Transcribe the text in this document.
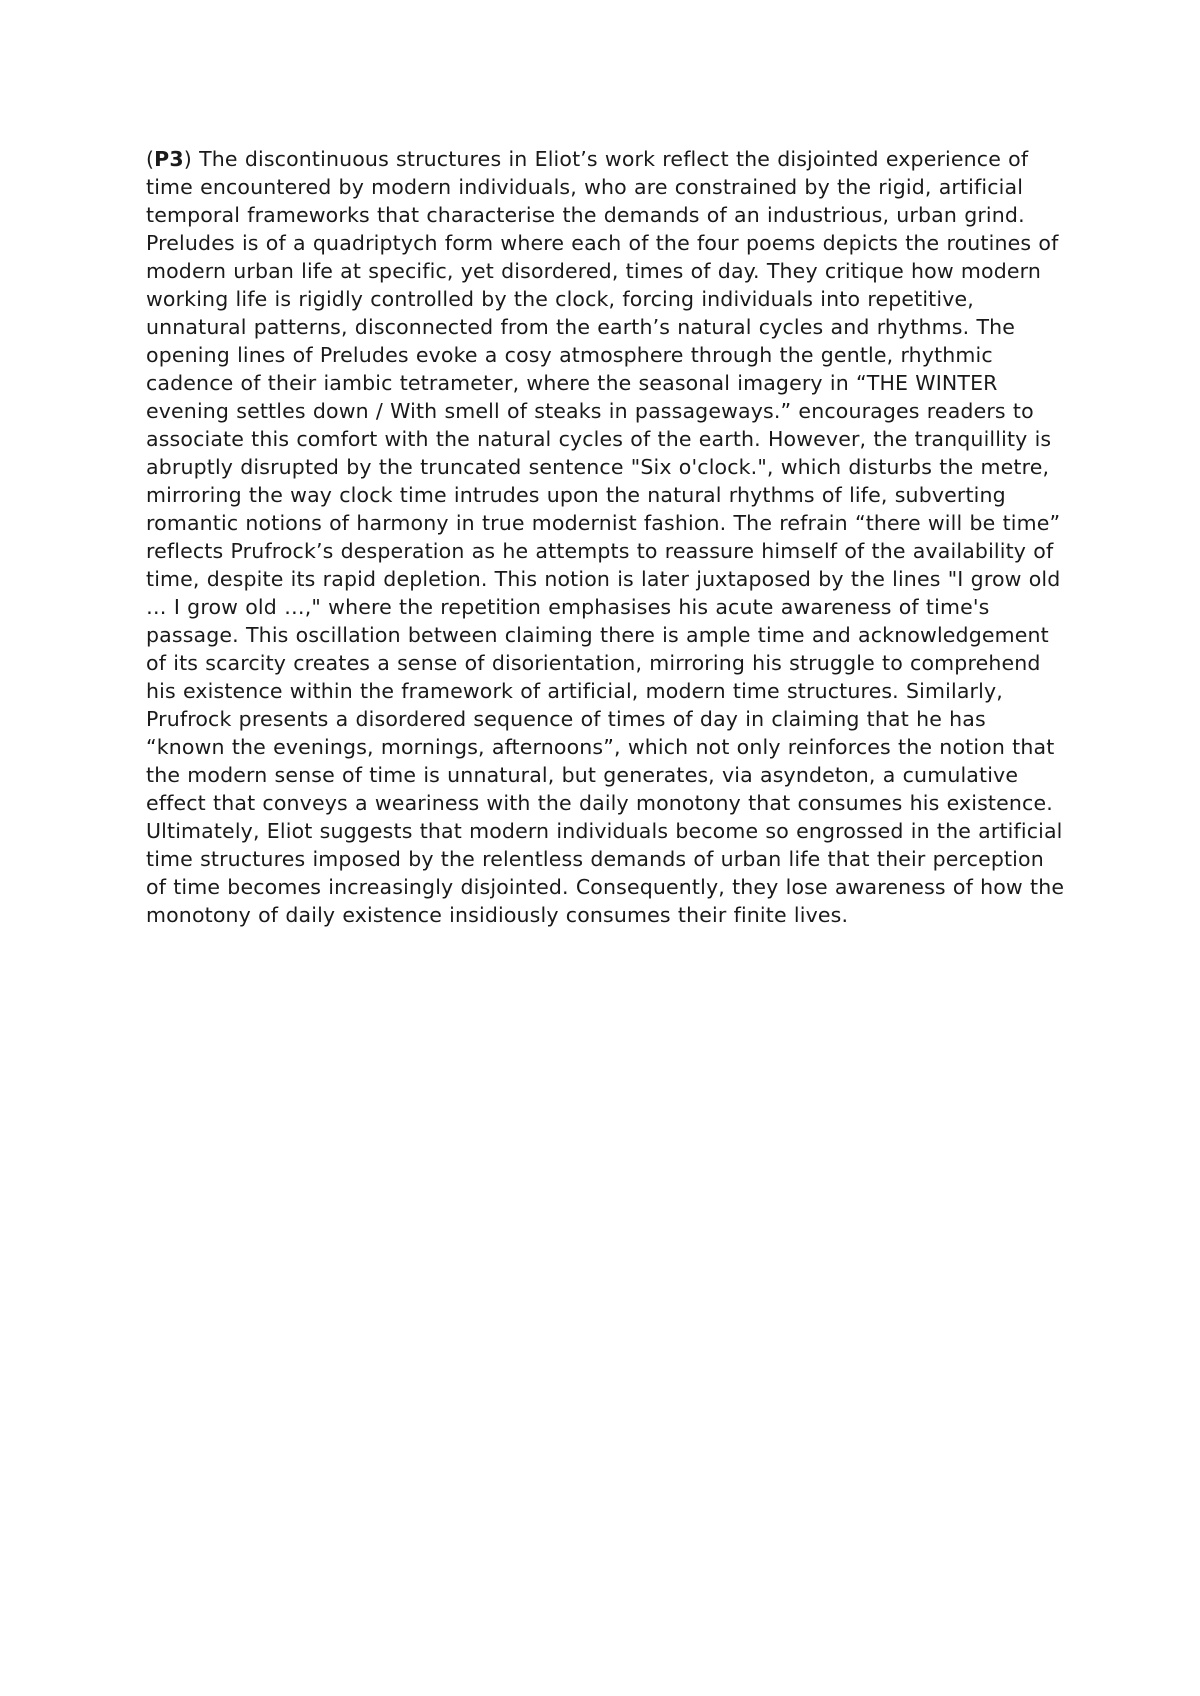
(P3) The discontinuous structures in Eliot’s work reflect the disjointed experience of time encountered by modern individuals, who are constrained by the rigid, artificial temporal frameworks that characterise the demands of an industrious, urban grind. Preludes is of a quadriptych form where each of the four poems depicts the routines of modern urban life at specific, yet disordered, times of day. They critique how modern working life is rigidly controlled by the clock, forcing individuals into repetitive, unnatural patterns, disconnected from the earth’s natural cycles and rhythms. The opening lines of Preludes evoke a cosy atmosphere through the gentle, rhythmic cadence of their iambic tetrameter, where the seasonal imagery in “THE WINTER evening settles down / With smell of steaks in passageways.” encourages readers to associate this comfort with the natural cycles of the earth. However, the tranquillity is abruptly disrupted by the truncated sentence "Six o'clock.", which disturbs the metre, mirroring the way clock time intrudes upon the natural rhythms of life, subverting romantic notions of harmony in true modernist fashion. The refrain “there will be time” reflects Prufrock’s desperation as he attempts to reassure himself of the availability of time, despite its rapid depletion. This notion is later juxtaposed by the lines "I grow old … I grow old …," where the repetition emphasises his acute awareness of time's passage. This oscillation between claiming there is ample time and acknowledgement of its scarcity creates a sense of disorientation, mirroring his struggle to comprehend his existence within the framework of artificial, modern time structures. Similarly, Prufrock presents a disordered sequence of times of day in claiming that he has “known the evenings, mornings, afternoons”, which not only reinforces the notion that the modern sense of time is unnatural, but generates, via asyndeton, a cumulative effect that conveys a weariness with the daily monotony that consumes his existence. Ultimately, Eliot suggests that modern individuals become so engrossed in the artificial time structures imposed by the relentless demands of urban life that their perception of time becomes increasingly disjointed. Consequently, they lose awareness of how the monotony of daily existence insidiously consumes their finite lives.
